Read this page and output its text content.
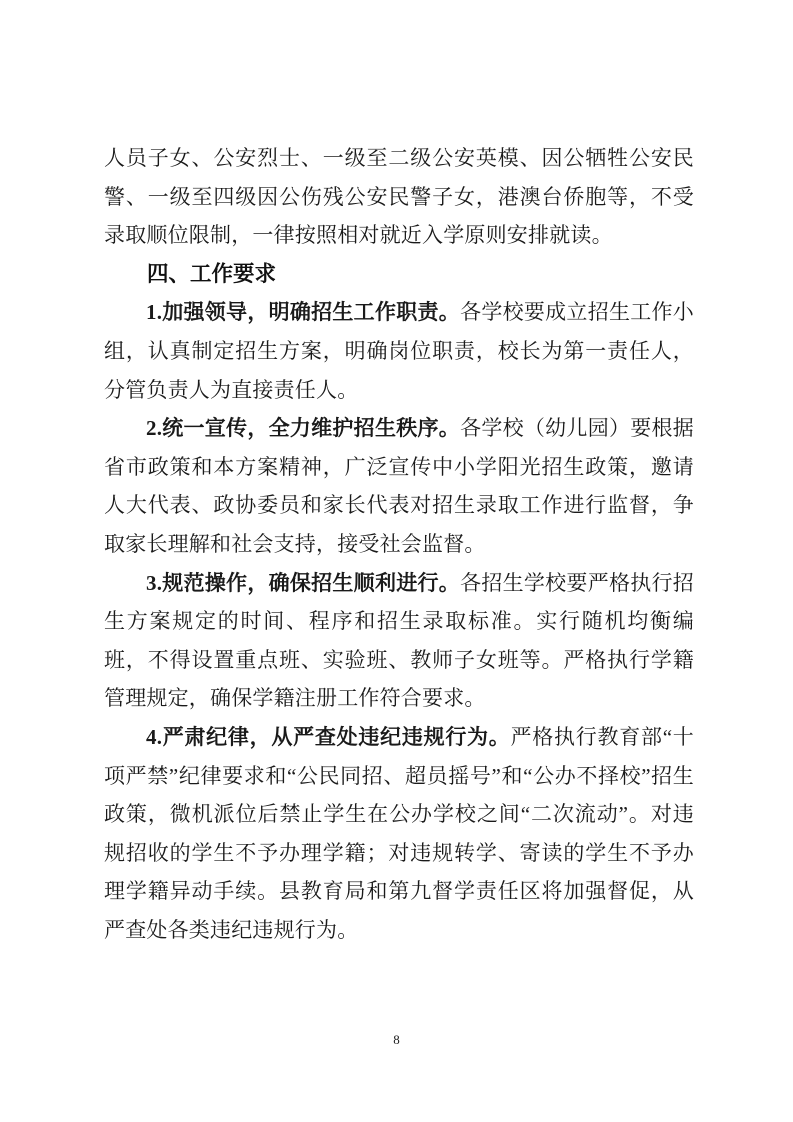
人员子女、公安烈士、一级至二级公安英模、因公牺牲公安民警、一级至四级因公伤残公安民警子女，港澳台侨胞等，不受录取顺位限制，一律按照相对就近入学原则安排就读。

四、工作要求

1.加强领导，明确招生工作职责。各学校要成立招生工作小组，认真制定招生方案，明确岗位职责，校长为第一责任人，分管负责人为直接责任人。

2.统一宣传，全力维护招生秩序。各学校（幼儿园）要根据省市政策和本方案精神，广泛宣传中小学阳光招生政策，邀请人大代表、政协委员和家长代表对招生录取工作进行监督，争取家长理解和社会支持，接受社会监督。

3.规范操作，确保招生顺利进行。各招生学校要严格执行招生方案规定的时间、程序和招生录取标准。实行随机均衡编班，不得设置重点班、实验班、教师子女班等。严格执行学籍管理规定，确保学籍注册工作符合要求。

4.严肃纪律，从严查处违纪违规行为。严格执行教育部“十项严禁”纪律要求和“公民同招、超员摇号”和“公办不择校”招生政策，微机派位后禁止学生在公办学校之间“二次流动”。对违规招收的学生不予办理学籍；对违规转学、寄读的学生不予办理学籍异动手续。县教育局和第九督学责任区将加强督促，从严查处各类违纪违规行为。

8
